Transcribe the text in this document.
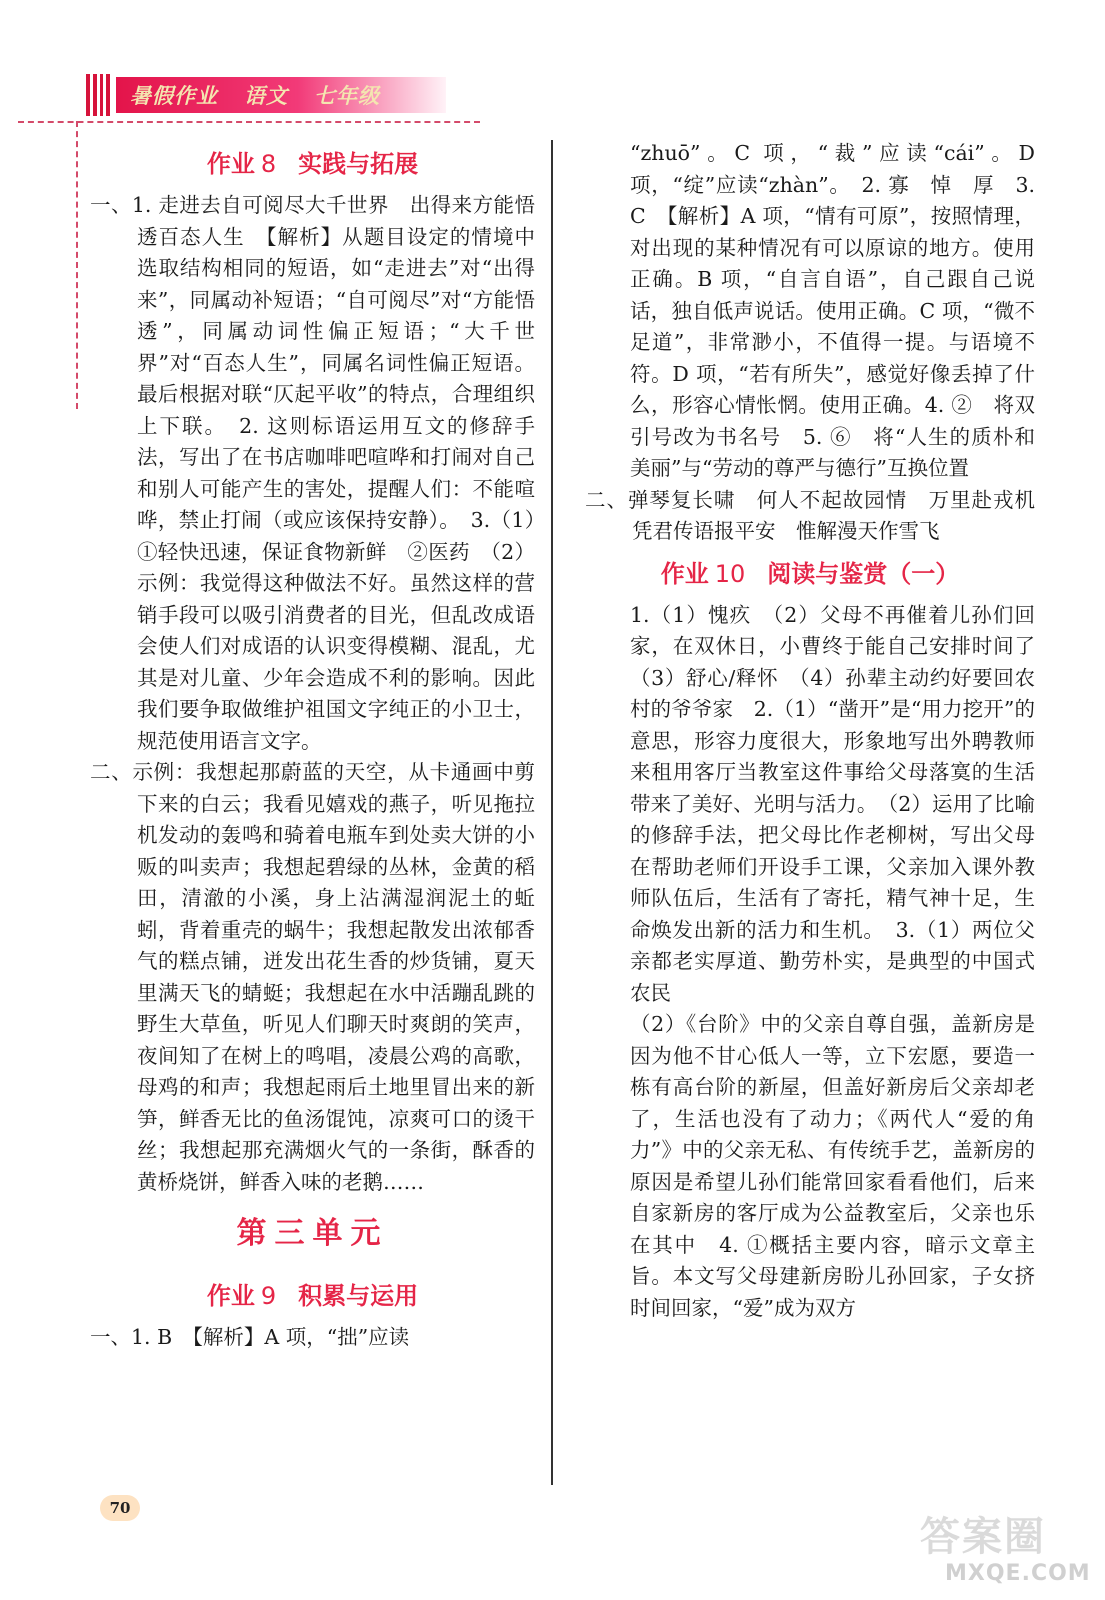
暑假作业 语文 七年级
作业 8 实践与拓展
一、1. 走进去自可阅尽大千世界　出得来方能悟透百态人生　【解析】从题目设定的情境中选取结构相同的短语，如“走进去”对“出得来”，同属动补短语；“自可阅尽”对“方能悟透”，同属动词性偏正短语；“大千世界”对“百态人生”，同属名词性偏正短语。最后根据对联“仄起平收”的特点，合理组织上下联。　2. 这则标语运用互文的修辞手法，写出了在书店咖啡吧喧哗和打闹对自己和别人可能产生的害处，提醒人们：不能喧哗，禁止打闹（或应该保持安静）。　3.（1）①轻快迅速，保证食物新鲜　②医药　（2）示例：我觉得这种做法不好。虽然这样的营销手段可以吸引消费者的目光，但乱改成语会使人们对成语的认识变得模糊、混乱，尤其是对儿童、少年会造成不利的影响。因此我们要争取做维护祖国文字纯正的小卫士，规范使用语言文字。
二、示例：我想起那蔚蓝的天空，从卡通画中剪下来的白云；我看见嬉戏的燕子，听见拖拉机发动的轰鸣和骑着电瓶车到处卖大饼的小贩的叫卖声；我想起碧绿的丛林，金黄的稻田，清澈的小溪，身上沾满湿润泥土的蚯蚓，背着重壳的蜗牛；我想起散发出浓郁香气的糕点铺，迸发出花生香的炒货铺，夏天里满天飞的蜻蜓；我想起在水中活蹦乱跳的野生大草鱼，听见人们聊天时爽朗的笑声，夜间知了在树上的鸣唱，凌晨公鸡的高歌，母鸡的和声；我想起雨后土地里冒出来的新笋，鲜香无比的鱼汤馄饨，凉爽可口的烫干丝；我想起那充满烟火气的一条街，酥香的黄桥烧饼，鲜香入味的老鹅……
第三单元
作业 9 积累与运用
一、1. B　【解析】A 项，“拙”应读
“zhuō”。C 项，“裁”应读“cái”。D 项，“绽”应读“zhàn”。　2. 寡　悼　厚　3. C　【解析】A 项，“情有可原”，按照情理，对出现的某种情况有可以原谅的地方。使用正确。B 项，“自言自语”，自己跟自己说话，独自低声说话。使用正确。C 项，“微不足道”，非常渺小，不值得一提。与语境不符。D 项，“若有所失”，感觉好像丢掉了什么，形容心情怅惘。使用正确。4. ②　将双引号改为书名号　5. ⑥　将“人生的质朴和美丽”与“劳动的尊严与德行”互换位置
二、弹琴复长啸　何人不起故园情　万里赴戎机　凭君传语报平安　惟解漫天作雪飞
作业 10 阅读与鉴赏（一）
1.（1）愧疚　（2）父母不再催着儿孙们回家，在双休日，小曹终于能自己安排时间了　（3）舒心/释怀　（4）孙辈主动约好要回农村的爷爷家　2.（1）“凿开”是“用力挖开”的意思，形容力度很大，形象地写出外聘教师来租用客厅当教室这件事给父母落寞的生活带来了美好、光明与活力。　（2）运用了比喻的修辞手法，把父母比作老柳树，写出父母在帮助老师们开设手工课，父亲加入课外教师队伍后，生活有了寄托，精气神十足，生命焕发出新的活力和生机。　3.（1）两位父亲都老实厚道、勤劳朴实，是典型的中国式农民
（2）《台阶》中的父亲自尊自强，盖新房是因为他不甘心低人一等，立下宏愿，要造一栋有高台阶的新屋，但盖好新房后父亲却老了，生活也没有了动力；《两代人“爱的角力”》中的父亲无私、有传统手艺，盖新房的原因是希望儿孙们能常回家看看他们，后来自家新房的客厅成为公益教室后，父亲也乐在其中　4. ①概括主要内容，暗示文章主旨。本文写父母建新房盼儿孙回家，子女挤时间回家，“爱”成为双方
70
答案圈
MXQE.COM
